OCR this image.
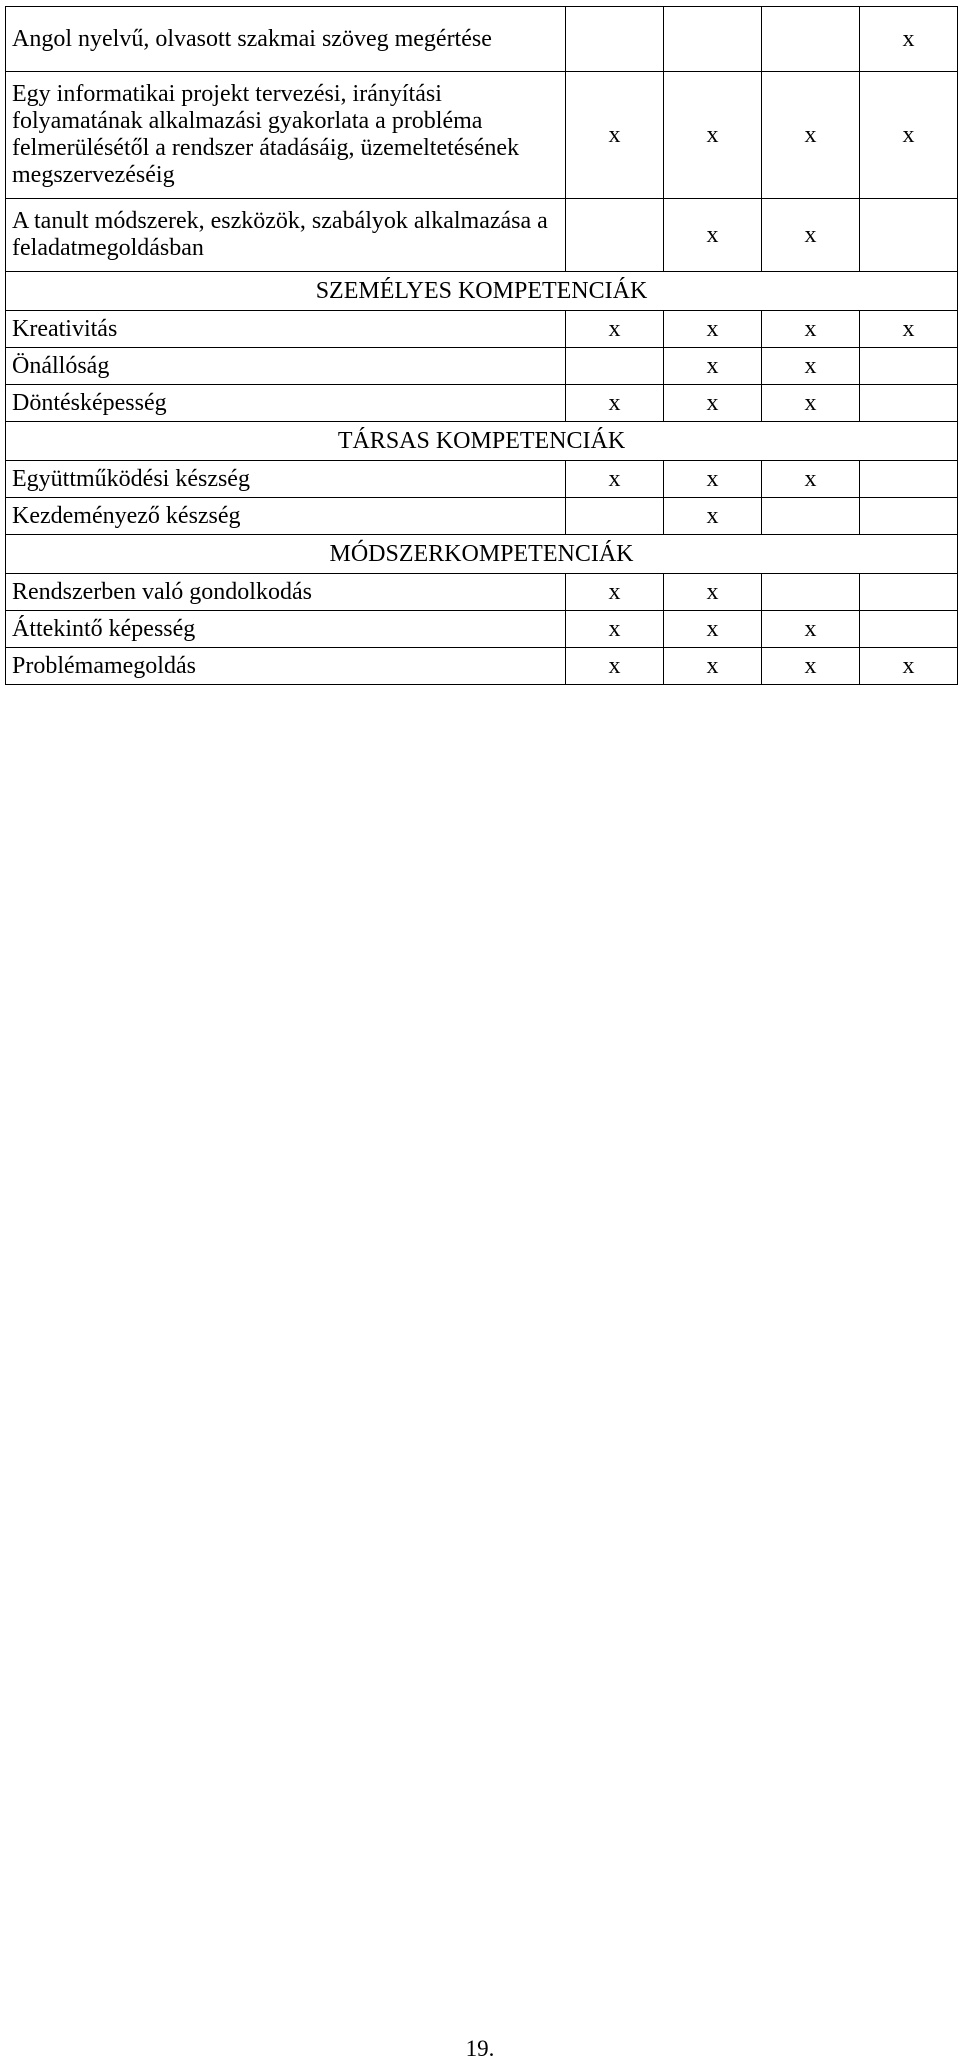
Angol nyelvű, olvasott szakmai szöveg megértése				x
Egy informatikai projekt tervezési, irányítási folyamatának alkalmazási gyakorlata a probléma felmerülésétől a rendszer átadásáig, üzemeltetésének megszervezéséig	x	x	x	x
A tanult módszerek, eszközök, szabályok alkalmazása a feladatmegoldásban		x	x	
SZEMÉLYES KOMPETENCIÁK				
Kreativitás	x	x	x	x
Önállóság		x	x	
Döntésképesség	x	x	x	
TÁRSAS KOMPETENCIÁK				
Együttműködési készség	x	x	x	
Kezdeményező készség		x		
MÓDSZERKOMPETENCIÁK				
Rendszerben való gondolkodás	x	x		
Áttekintő képesség	x	x	x	
Problémamegoldás	x	x	x	x
19.
